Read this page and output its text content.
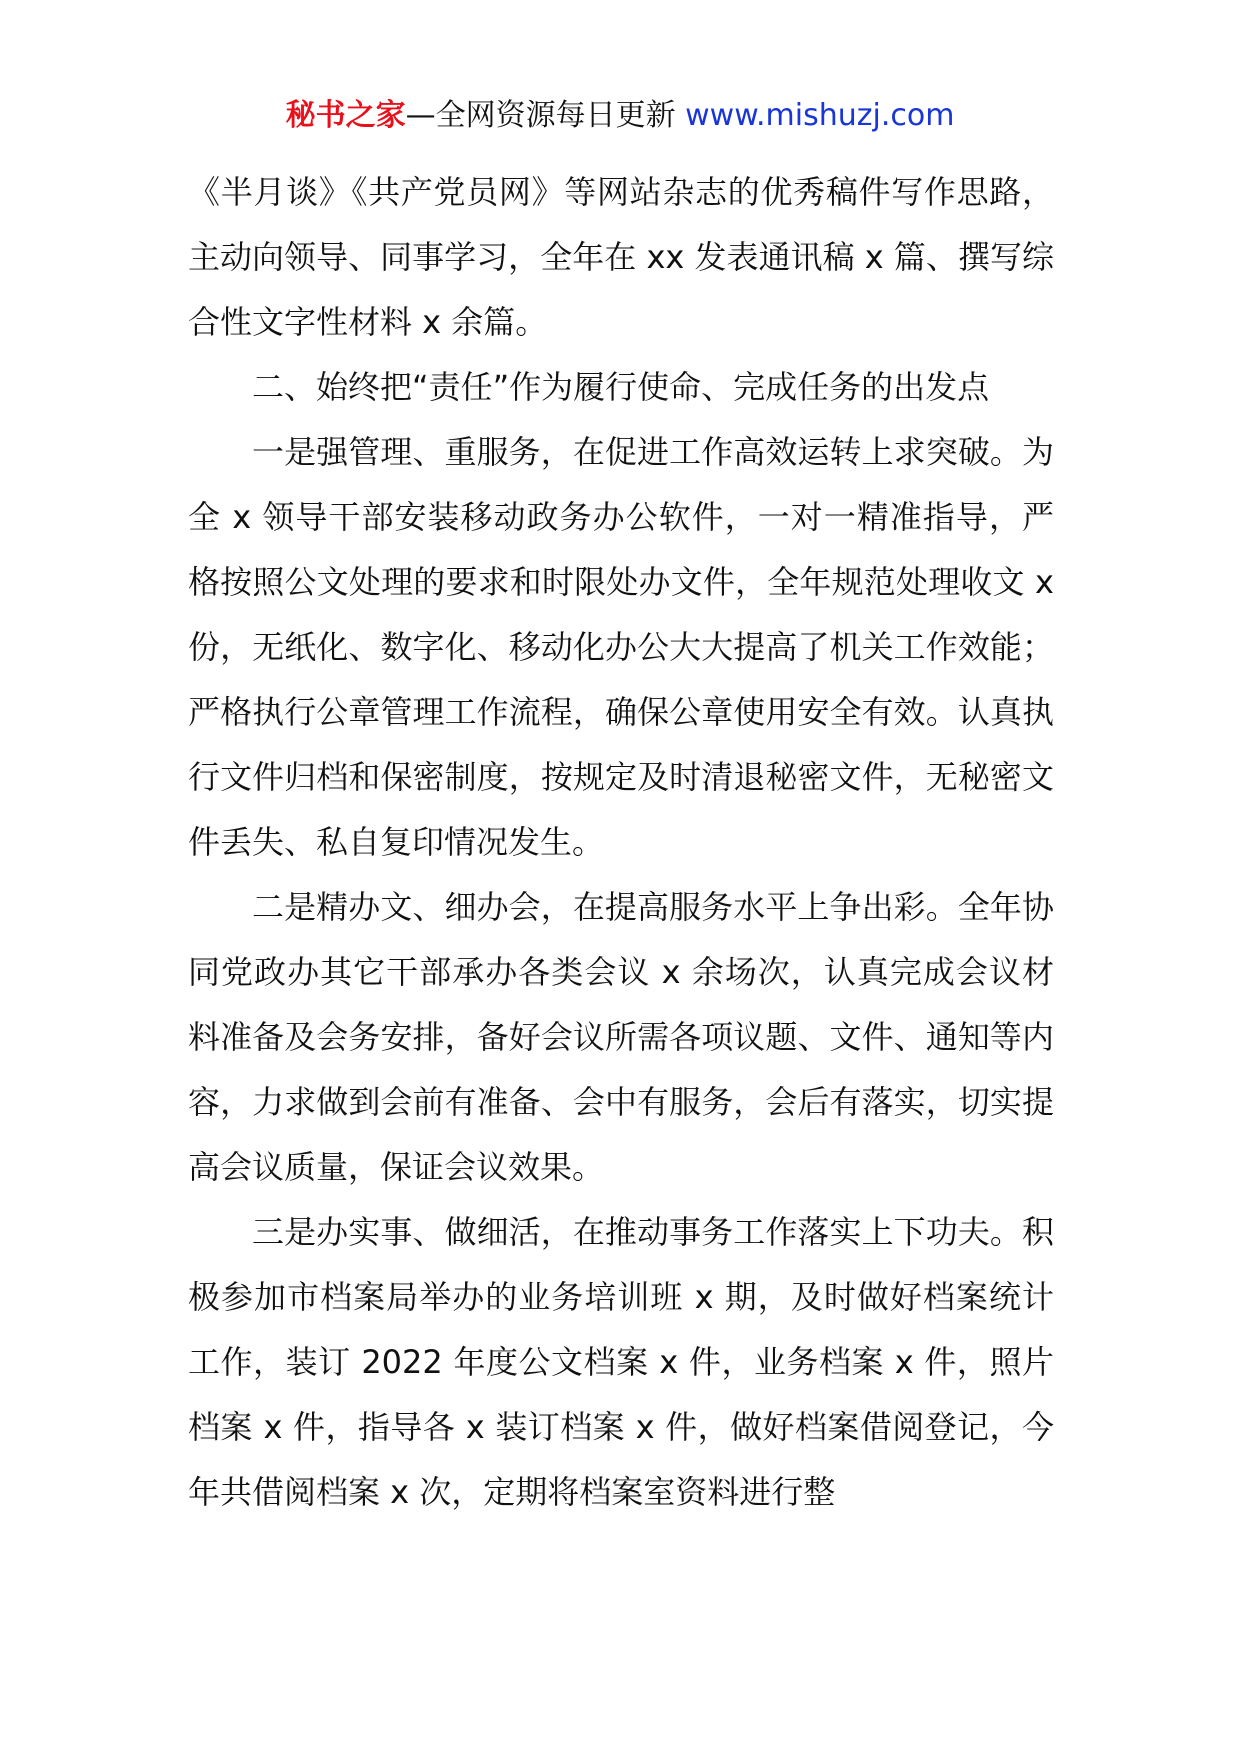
秘书之家—全网资源每日更新 www.mishuzj.com

《半月谈》《共产党员网》等网站杂志的优秀稿件写作思路，主动向领导、同事学习，全年在 xx 发表通讯稿 x 篇、撰写综合性文字性材料 x 余篇。

二、始终把“责任”作为履行使命、完成任务的出发点

一是强管理、重服务，在促进工作高效运转上求突破。为全 x 领导干部安装移动政务办公软件，一对一精准指导，严格按照公文处理的要求和时限处办文件，全年规范处理收文 x 份，无纸化、数字化、移动化办公大大提高了机关工作效能；严格执行公章管理工作流程，确保公章使用安全有效。认真执行文件归档和保密制度，按规定及时清退秘密文件，无秘密文件丢失、私自复印情况发生。

二是精办文、细办会，在提高服务水平上争出彩。全年协同党政办其它干部承办各类会议 x 余场次，认真完成会议材料准备及会务安排，备好会议所需各项议题、文件、通知等内容，力求做到会前有准备、会中有服务，会后有落实，切实提高会议质量，保证会议效果。

三是办实事、做细活，在推动事务工作落实上下功夫。积极参加市档案局举办的业务培训班 x 期，及时做好档案统计工作，装订 2022 年度公文档案 x 件，业务档案 x 件，照片档案 x 件，指导各 x 装订档案 x 件，做好档案借阅登记，今年共借阅档案 x 次，定期将档案室资料进行整
